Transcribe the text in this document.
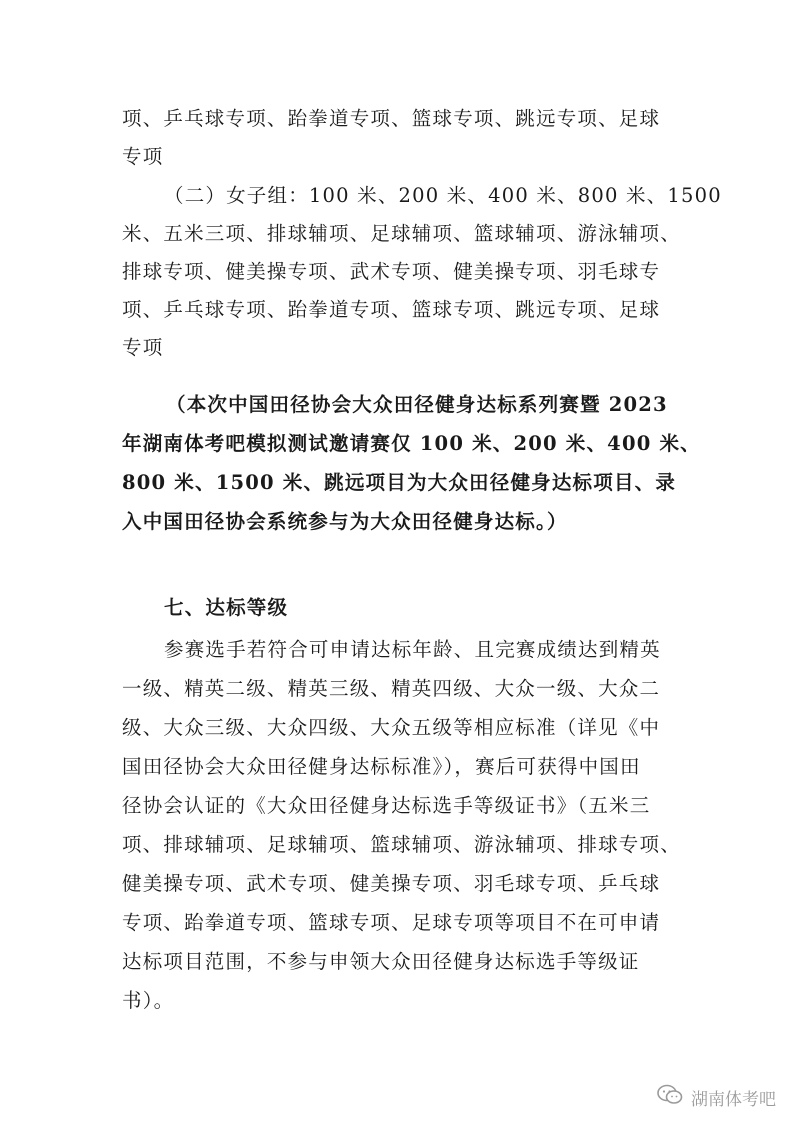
项、乒乓球专项、跆拳道专项、篮球专项、跳远专项、足球
专项
（二）女子组：100 米、200 米、400 米、800 米、1500
米、五米三项、排球辅项、足球辅项、篮球辅项、游泳辅项、
排球专项、健美操专项、武术专项、健美操专项、羽毛球专
项、乒乓球专项、跆拳道专项、篮球专项、跳远专项、足球
专项
（本次中国田径协会大众田径健身达标系列赛暨 2023
年湖南体考吧模拟测试邀请赛仅 100 米、200 米、400 米、
800 米、1500 米、跳远项目为大众田径健身达标项目、录
入中国田径协会系统参与为大众田径健身达标。）
七、达标等级
参赛选手若符合可申请达标年龄、且完赛成绩达到精英
一级、精英二级、精英三级、精英四级、大众一级、大众二
级、大众三级、大众四级、大众五级等相应标准（详见《中
国田径协会大众田径健身达标标准》），赛后可获得中国田
径协会认证的《大众田径健身达标选手等级证书》（五米三
项、排球辅项、足球辅项、篮球辅项、游泳辅项、排球专项、
健美操专项、武术专项、健美操专项、羽毛球专项、乒乓球
专项、跆拳道专项、篮球专项、足球专项等项目不在可申请
达标项目范围，不参与申领大众田径健身达标选手等级证
书）。
湖南体考吧
